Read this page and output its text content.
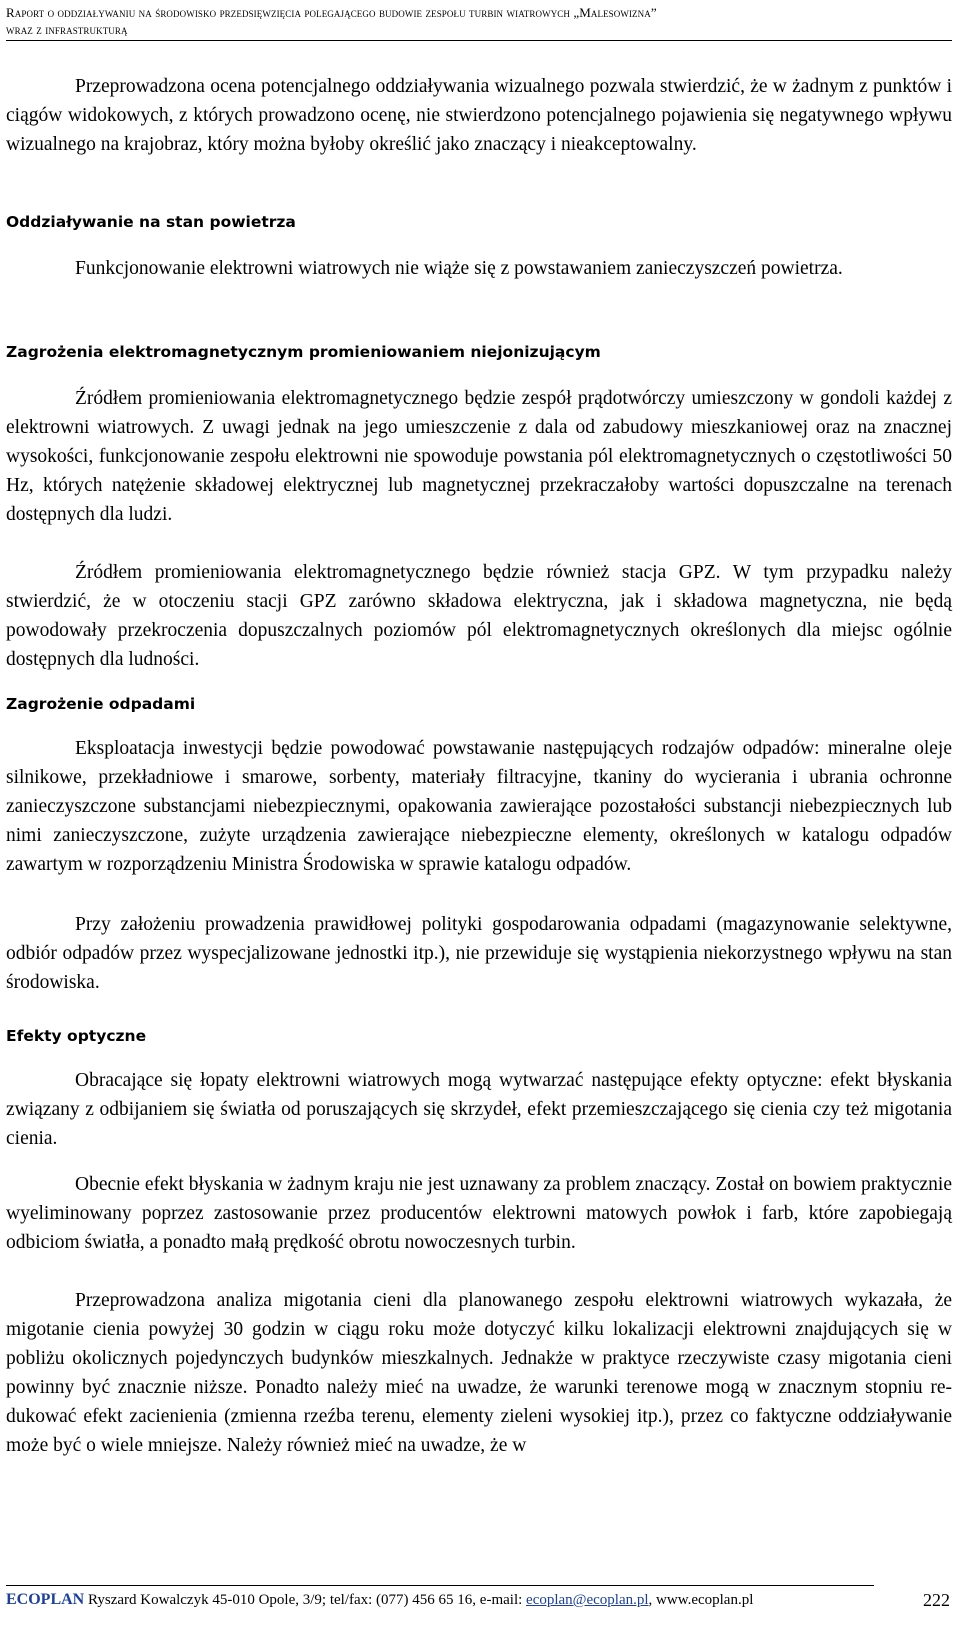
Raport o oddziaływaniu na środowisko przedsięwzięcia polegającego budowie zespołu turbin wiatrowych „Malesowizna”
wraz z infrastrukturą

Przeprowadzona ocena potencjalnego oddziaływania wizualnego pozwala stwierdzić, że w żadnym z punktów i ciągów widokowych, z których prowadzono ocenę, nie stwierdzono potencjalnego pojawienia się negatywnego wpływu wizualnego na krajobraz, który można byłoby określić jako znaczący i nieakceptowalny.

Oddziaływanie na stan powietrza

Funkcjonowanie elektrowni wiatrowych nie wiąże się z powstawaniem zanieczyszczeń powietrza.

Zagrożenia elektromagnetycznym promieniowaniem niejonizującym

Źródłem promieniowania elektromagnetycznego będzie zespół prądotwórczy umieszczony w gondoli każdej z elektrowni wiatrowych. Z uwagi jednak na jego umieszczenie z dala od zabudowy mieszkaniowej oraz na znacznej wysokości, funkcjonowanie zespołu elektrowni nie spowoduje powstania pól elektromagnetycznych o częstotliwości 50 Hz, których natężenie składowej elektrycznej lub magnetycznej przekraczałoby wartości dopuszczalne na terenach dostępnych dla ludzi.

Źródłem promieniowania elektromagnetycznego będzie również stacja GPZ. W tym przypadku należy stwierdzić, że w otoczeniu stacji GPZ zarówno składowa elektryczna, jak i składowa magnetyczna, nie będą powodowały przekroczenia dopuszczalnych poziomów pól elektromagnetycznych określonych dla miejsc ogólnie dostępnych dla ludności.

Zagrożenie odpadami

Eksploatacja inwestycji będzie powodować powstawanie następujących rodzajów odpadów: mineralne oleje silnikowe, przekładniowe i smarowe, sorbenty, materiały filtracyjne, tkaniny do wycierania i ubrania ochronne zanieczyszczone substancjami niebezpiecznymi, opakowania zawierające pozostałości substancji niebezpiecznych lub nimi zanieczyszczone, zużyte urządzenia zawierające niebezpieczne elementy, określonych w katalogu odpadów zawartym w rozporządzeniu Ministra Środowiska w sprawie katalogu odpadów.

Przy założeniu prowadzenia prawidłowej polityki gospodarowania odpadami (magazynowanie selektywne, odbiór odpadów przez wyspecjalizowane jednostki itp.), nie przewiduje się wystąpienia niekorzystnego wpływu na stan środowiska.

Efekty optyczne

Obracające się łopaty elektrowni wiatrowych mogą wytwarzać następujące efekty optyczne: efekt błyskania związany z odbijaniem się światła od poruszających się skrzydeł, efekt przemieszczającego się cienia czy też migotania cienia.

Obecnie efekt błyskania w żadnym kraju nie jest uznawany za problem znaczący. Został on bowiem praktycznie wyeliminowany poprzez zastosowanie przez producentów elektrowni matowych powłok i farb, które zapobiegają odbiciom światła, a ponadto małą prędkość obrotu nowoczesnych turbin.

Przeprowadzona analiza migotania cieni dla planowanego zespołu elektrowni wiatrowych wykazała, że migotanie cienia powyżej 30 godzin w ciągu roku może dotyczyć kilku lokalizacji elektrowni znajdujących się w pobliżu okolicznych pojedynczych budynków mieszkalnych. Jednakże w praktyce rzeczywiste czasy migotania cieni powinny być znacznie niższe. Ponadto należy mieć na uwadze, że warunki terenowe mogą w znacznym stopniu redukować efekt zacienienia (zmienna rzeźba terenu, elementy zieleni wysokiej itp.), przez co faktyczne oddziaływanie może być o wiele mniejsze. Należy również mieć na uwadze, że w

ECOPLAN Ryszard Kowalczyk 45-010 Opole, 3/9; tel/fax: (077) 456 65 16, e-mail: ecoplan@ecoplan.pl, www.ecoplan.pl	222
